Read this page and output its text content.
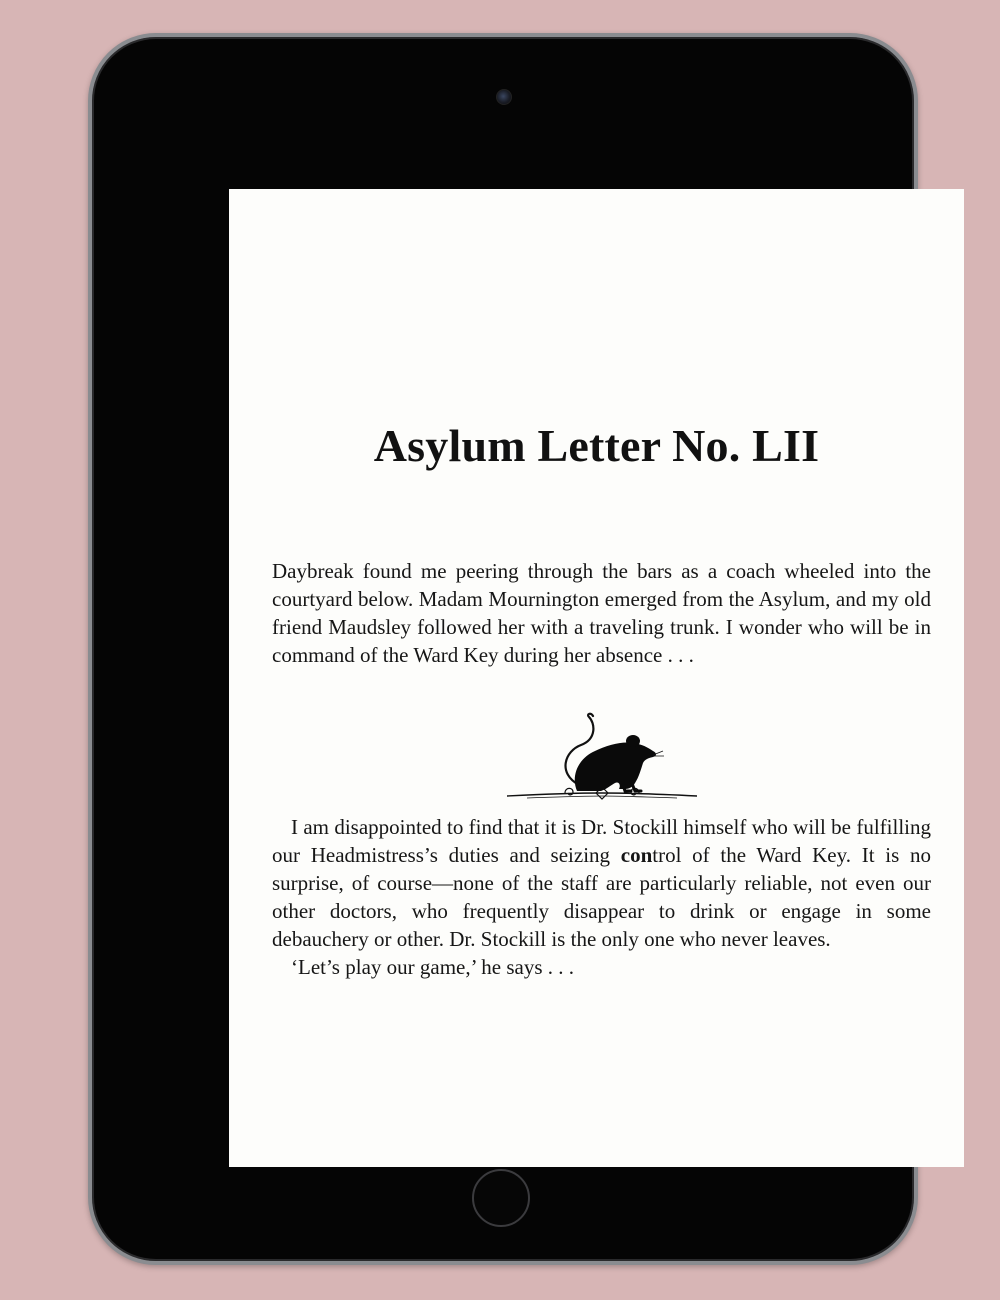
Asylum Letter No. LII

Daybreak found me peering through the bars as a coach wheeled into the courtyard below. Madam Mournington emerged from the Asylum, and my old friend Maudsley followed her with a traveling trunk. I wonder who will be in command of the Ward Key during her absence . . .

I am disappointed to find that it is Dr. Stockill himself who will be fulfilling our Headmistress’s duties and seizing control of the Ward Key. It is no surprise, of course—none of the staff are particularly reliable, not even our other doctors, who frequently disappear to drink or engage in some debauchery or other. Dr. Stockill is the only one who never leaves.

‘Let’s play our game,’ he says . . .
